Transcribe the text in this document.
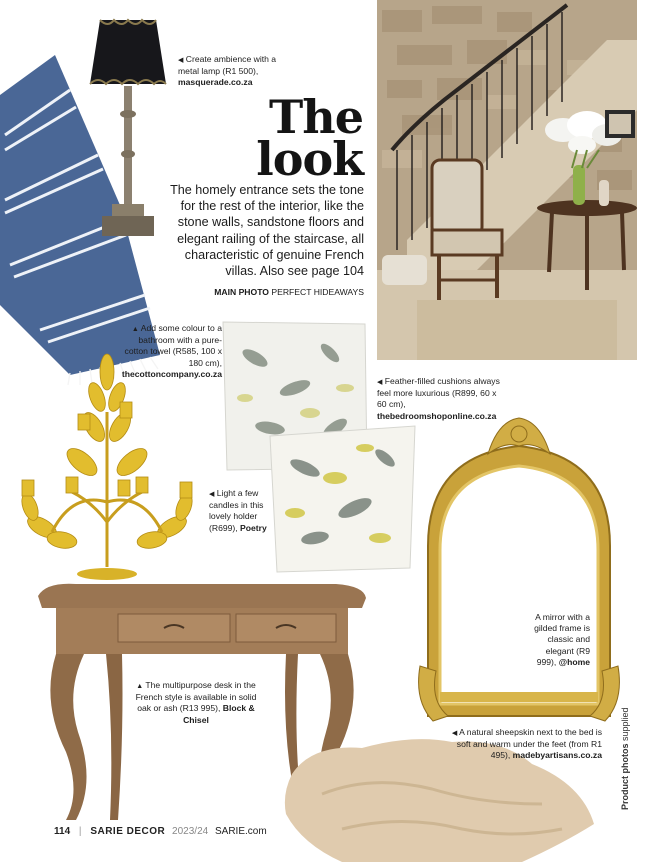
The
look
The homely entrance sets the tone for the rest of the interior, like the stone walls, sandstone floors and elegant railing of the staircase, all characteristic of genuine French villas. Also see page 104
MAIN PHOTO PERFECT HIDEAWAYS
◀ Create ambience with a metal lamp (R1 500), masquerade.co.za
▲ Add some colour to a bathroom with a pure-cotton towel (R585, 100 x 180 cm), thecottoncompany.co.za
◀ Feather-filled cushions always feel more luxurious (R899, 60 x 60 cm), thebedroomshoponline.co.za
◀ Light a few candles in this lovely holder (R699), Poetry
A mirror with a gilded frame is classic and elegant (R9 999), @home
▲ The multipurpose desk in the French style is available in solid oak or ash (R13 995), Block & Chisel
◀ A natural sheepskin next to the bed is soft and warm under the feet (from R1 495), madebyartisans.co.za Product photos supplied
114 | SARIE DECOR 2023/24 SARIE.com
